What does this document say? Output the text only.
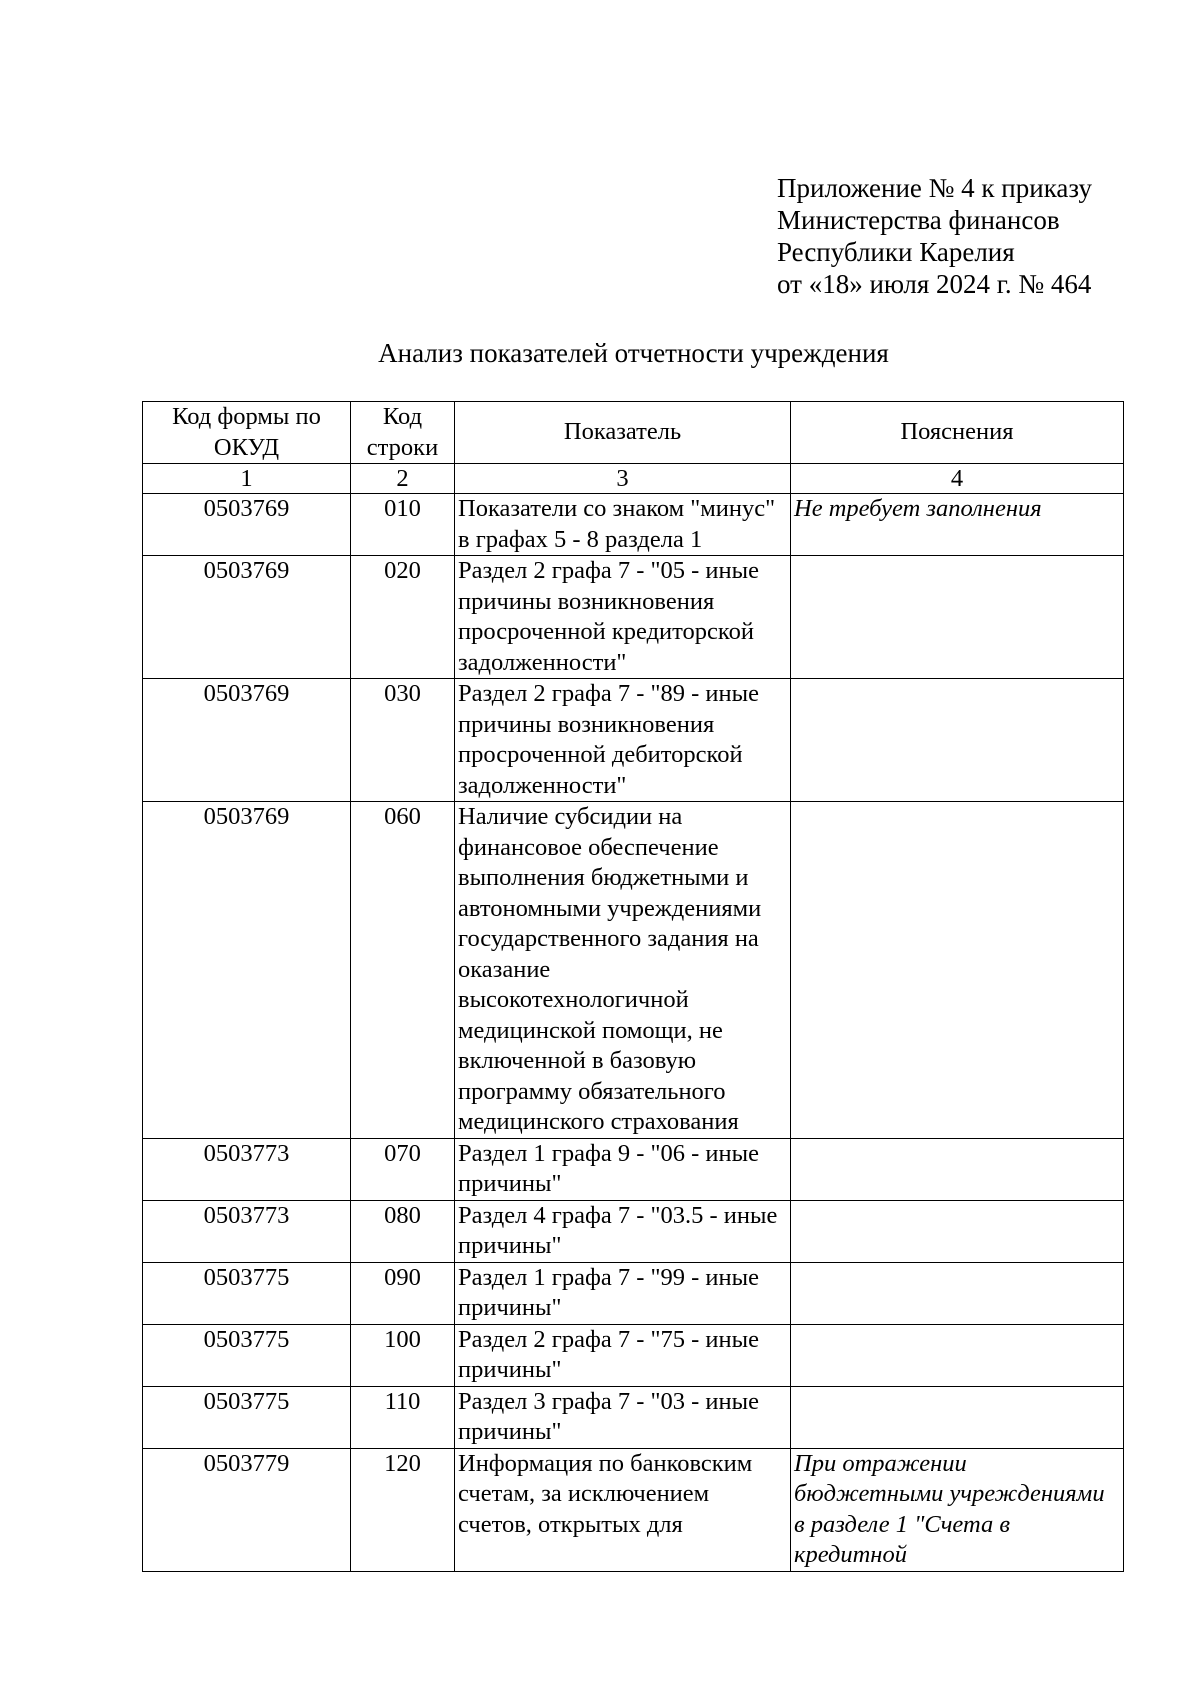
Приложение № 4 к приказу
Министерства финансов
Республики Карелия
от «18» июля 2024 г. № 464
Анализ показателей отчетности учреждения
Код формы по ОКУД	Код строки	Показатель	Пояснения
1	2	3	4
0503769	010	Показатели со знаком "минус" в графах 5 - 8 раздела 1	Не требует заполнения
0503769	020	Раздел 2 графа 7 - "05 - иные причины возникновения просроченной кредиторской задолженности"	
0503769	030	Раздел 2 графа 7 - "89 - иные причины возникновения просроченной дебиторской задолженности"	
0503769	060	Наличие субсидии на финансовое обеспечение выполнения бюджетными и автономными учреждениями государственного задания на оказание высокотехнологичной медицинской помощи, не включенной в базовую программу обязательного медицинского страхования	
0503773	070	Раздел 1 графа 9 - "06 - иные причины"	
0503773	080	Раздел 4 графа 7 - "03.5 - иные причины"	
0503775	090	Раздел 1 графа 7 - "99 - иные причины"	
0503775	100	Раздел 2 графа 7 - "75 - иные причины"	
0503775	110	Раздел 3 графа 7 - "03 - иные причины"	
0503779	120	Информация по банковским счетам, за исключением счетов, открытых для	При отражении бюджетными учреждениями в разделе 1 "Счета в кредитной
